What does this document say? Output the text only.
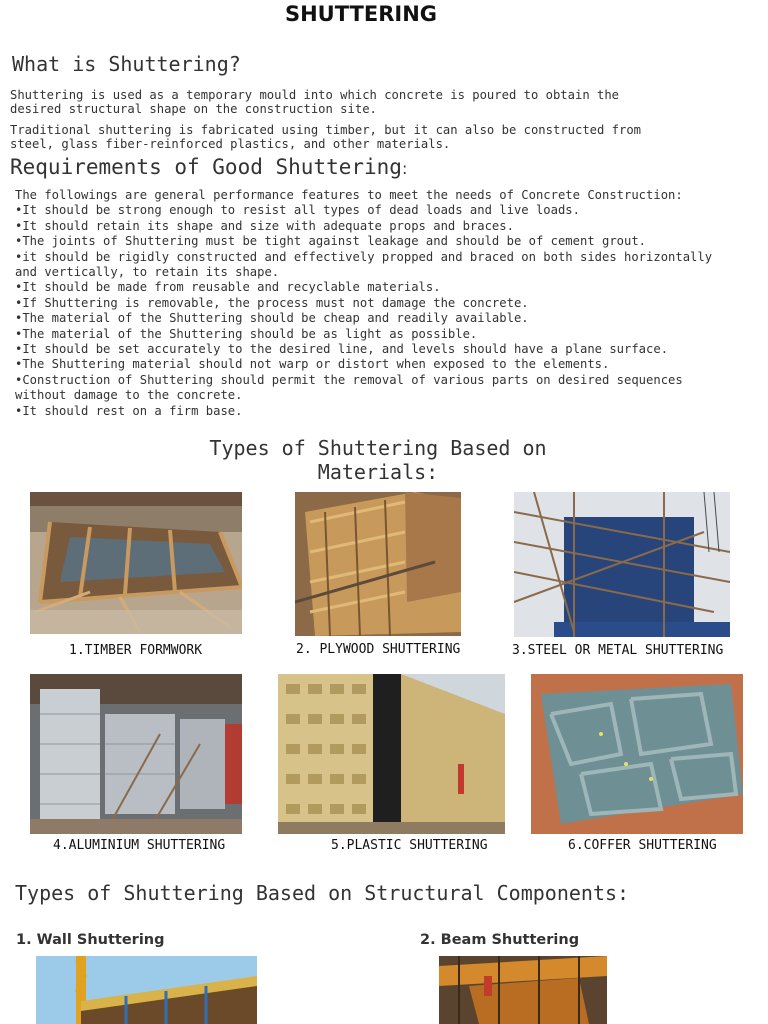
SHUTTERING
What is Shuttering?
Shuttering is used as a temporary mould into which concrete is poured to obtain the
desired structural shape on the construction site.
Traditional shuttering is fabricated using timber, but it can also be constructed from
steel, glass fiber-reinforced plastics, and other materials.
Requirements of Good Shuttering:
The followings are general performance features to meet the needs of Concrete Construction:
•It should be strong enough to resist all types of dead loads and live loads.
•It should retain its shape and size with adequate props and braces.
•The joints of Shuttering must be tight against leakage and should be of cement grout.
•it should be rigidly constructed and effectively propped and braced on both sides horizontally
and vertically, to retain its shape.
•It should be made from reusable and recyclable materials.
•If Shuttering is removable, the process must not damage the concrete.
•The material of the Shuttering should be cheap and readily available.
•The material of the Shuttering should be as light as possible.
•It should be set accurately to the desired line, and levels should have a plane surface.
•The Shuttering material should not warp or distort when exposed to the elements.
•Construction of Shuttering should permit the removal of various parts on desired sequences
without damage to the concrete.
•It should rest on a firm base.
Types of Shuttering Based on
Materials:
1.TIMBER FORMWORK	2. PLYWOOD SHUTTERING	3.STEEL OR METAL SHUTTERING
4.ALUMINIUM SHUTTERING	5.PLASTIC SHUTTERING	6.COFFER SHUTTERING
Types of Shuttering Based on Structural Components:
1. Wall Shuttering	2. Beam Shuttering
